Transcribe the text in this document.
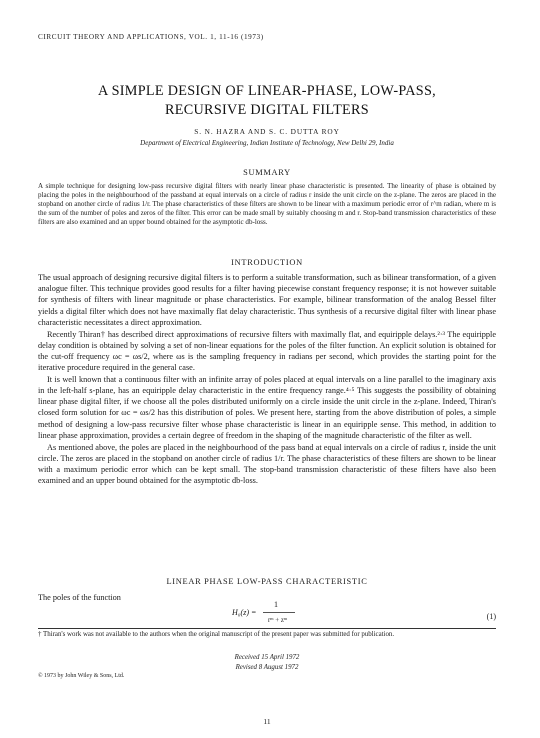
CIRCUIT THEORY AND APPLICATIONS, VOL. 1, 11-16 (1973)
A SIMPLE DESIGN OF LINEAR-PHASE, LOW-PASS,
RECURSIVE DIGITAL FILTERS
S. N. HAZRA AND S. C. DUTTA ROY
Department of Electrical Engineering, Indian Institute of Technology, New Delhi 29, India
SUMMARY
A simple technique for designing low-pass recursive digital filters with nearly linear phase characteristic is presented. The linearity of phase is obtained by placing the poles in the neighbourhood of the passband at equal intervals on a circle of radius r inside the unit circle on the z-plane. The zeros are placed in the stopband on another circle of radius 1/r. The phase characteristics of these filters are shown to be linear with a maximum periodic error of r^m radian, where m is the sum of the number of poles and zeros of the filter. This error can be made small by suitably choosing m and r. Stop-band transmission characteristics of these filters are also examined and an upper bound obtained for the asymptotic db-loss.
INTRODUCTION

The usual approach of designing recursive digital filters is to perform a suitable transformation, such as bilinear transformation, of a given analogue filter. This technique provides good results for a filter having piecewise constant frequency response; it is not however suitable for synthesis of filters with linear magnitude or phase characteristics. For example, bilinear transformation of the analog Bessel filter yields a digital filter which does not have maximally flat delay characteristic. Thus synthesis of a recursive digital filter with linear phase characteristic necessitates a direct approximation.

Recently Thiran† has described direct approximations of recursive filters with maximally flat, and equiripple delays.²·³ The equiripple delay condition is obtained by solving a set of non-linear equations for the poles of the filter function. An explicit solution is obtained for the cut-off frequency ωc = ωs/2, where ωs is the sampling frequency in radians per second, which provides the starting point for the iterative procedure required in the general case.

It is well known that a continuous filter with an infinite array of poles placed at equal intervals on a line parallel to the imaginary axis in the left-half s-plane, has an equiripple delay characteristic in the entire frequency range.⁴·⁵ This suggests the possibility of obtaining linear phase digital filter, if we choose all the poles distributed uniformly on a circle inside the unit circle in the z-plane. Indeed, Thiran's closed form solution for ωc = ωs/2 has this distribution of poles. We present here, starting from the above distribution of poles, a simple method of designing a low-pass recursive filter whose phase characteristic is linear in an equiripple sense. This method, in addition to linear phase approximation, provides a certain degree of freedom in the shaping of the magnitude characteristic of the filter as well.

As mentioned above, the poles are placed in the neighbourhood of the pass band at equal intervals on a circle of radius r, inside the unit circle. The zeros are placed in the stopband on another circle of radius 1/r. The phase characteristics of these filters are shown to be linear with a maximum periodic error which can be kept small. The stop-band transmission characteristic of these filters have also been examined and an upper bound obtained for the asymptotic db-loss.

LINEAR PHASE LOW-PASS CHARACTERISTIC
The poles of the function
H₀(z) =
1
rᵐ + zᵐ	(1)
† Thiran's work was not available to the authors when the original manuscript of the present paper was submitted for publication.
Received 15 April 1972
Revised 8 August 1972
© 1973 by John Wiley & Sons, Ltd.
11
